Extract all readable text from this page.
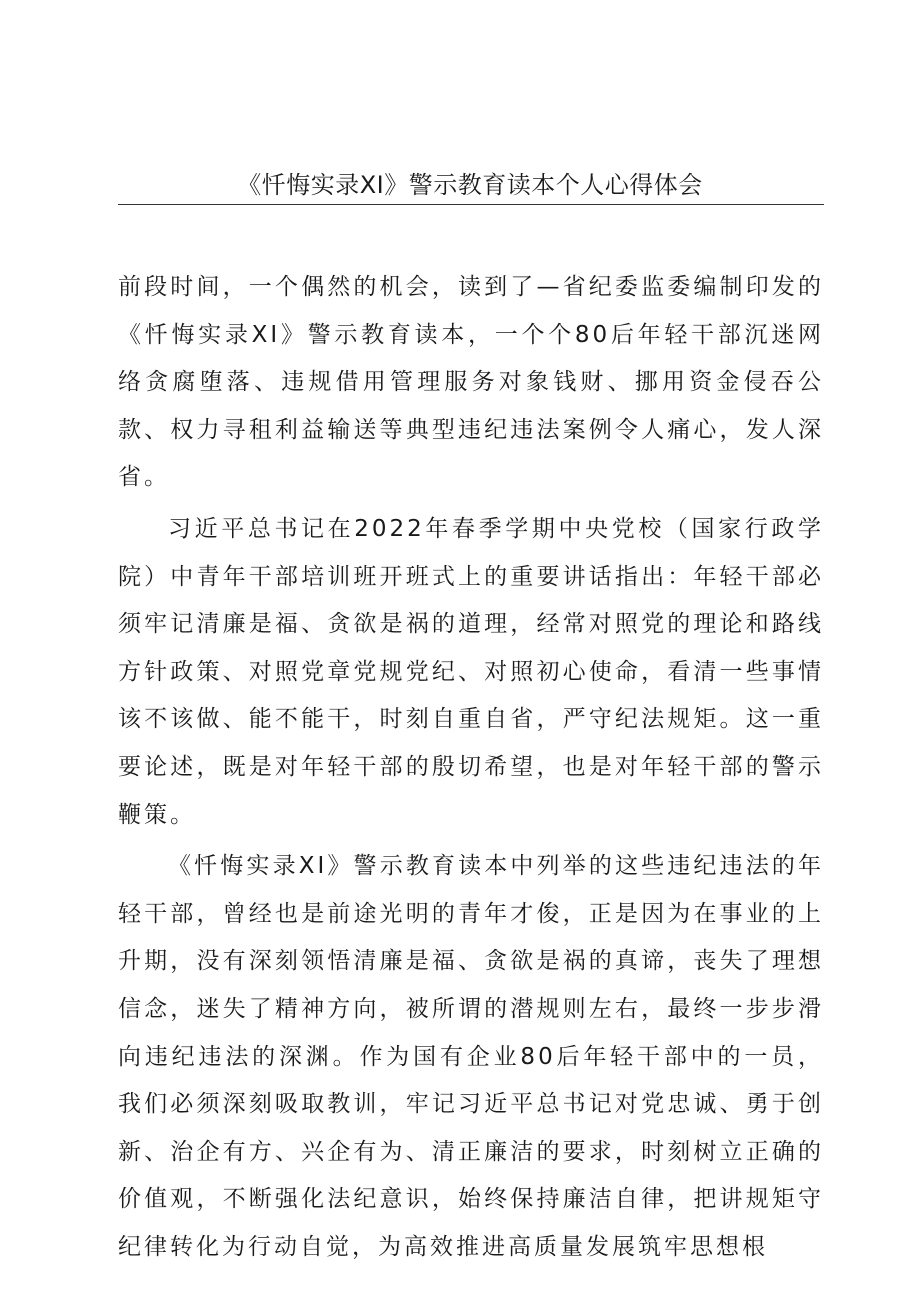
《忏悔实录XI》警示教育读本个人心得体会

前段时间，一个偶然的机会，读到了—省纪委监委编制印发的《忏悔实录XI》警示教育读本，一个个80后年轻干部沉迷网络贪腐堕落、违规借用管理服务对象钱财、挪用资金侵吞公款、权力寻租利益输送等典型违纪违法案例令人痛心，发人深省。

习近平总书记在2022年春季学期中央党校（国家行政学院）中青年干部培训班开班式上的重要讲话指出：年轻干部必须牢记清廉是福、贪欲是祸的道理，经常对照党的理论和路线方针政策、对照党章党规党纪、对照初心使命，看清一些事情该不该做、能不能干，时刻自重自省，严守纪法规矩。这一重要论述，既是对年轻干部的殷切希望，也是对年轻干部的警示鞭策。

《忏悔实录XI》警示教育读本中列举的这些违纪违法的年轻干部，曾经也是前途光明的青年才俊，正是因为在事业的上升期，没有深刻领悟清廉是福、贪欲是祸的真谛，丧失了理想信念，迷失了精神方向，被所谓的潜规则左右，最终一步步滑向违纪违法的深渊。作为国有企业80后年轻干部中的一员，我们必须深刻吸取教训，牢记习近平总书记对党忠诚、勇于创新、治企有方、兴企有为、清正廉洁的要求，时刻树立正确的价值观，不断强化法纪意识，始终保持廉洁自律，把讲规矩守纪律转化为行动自觉，为高效推进高质量发展筑牢思想根
